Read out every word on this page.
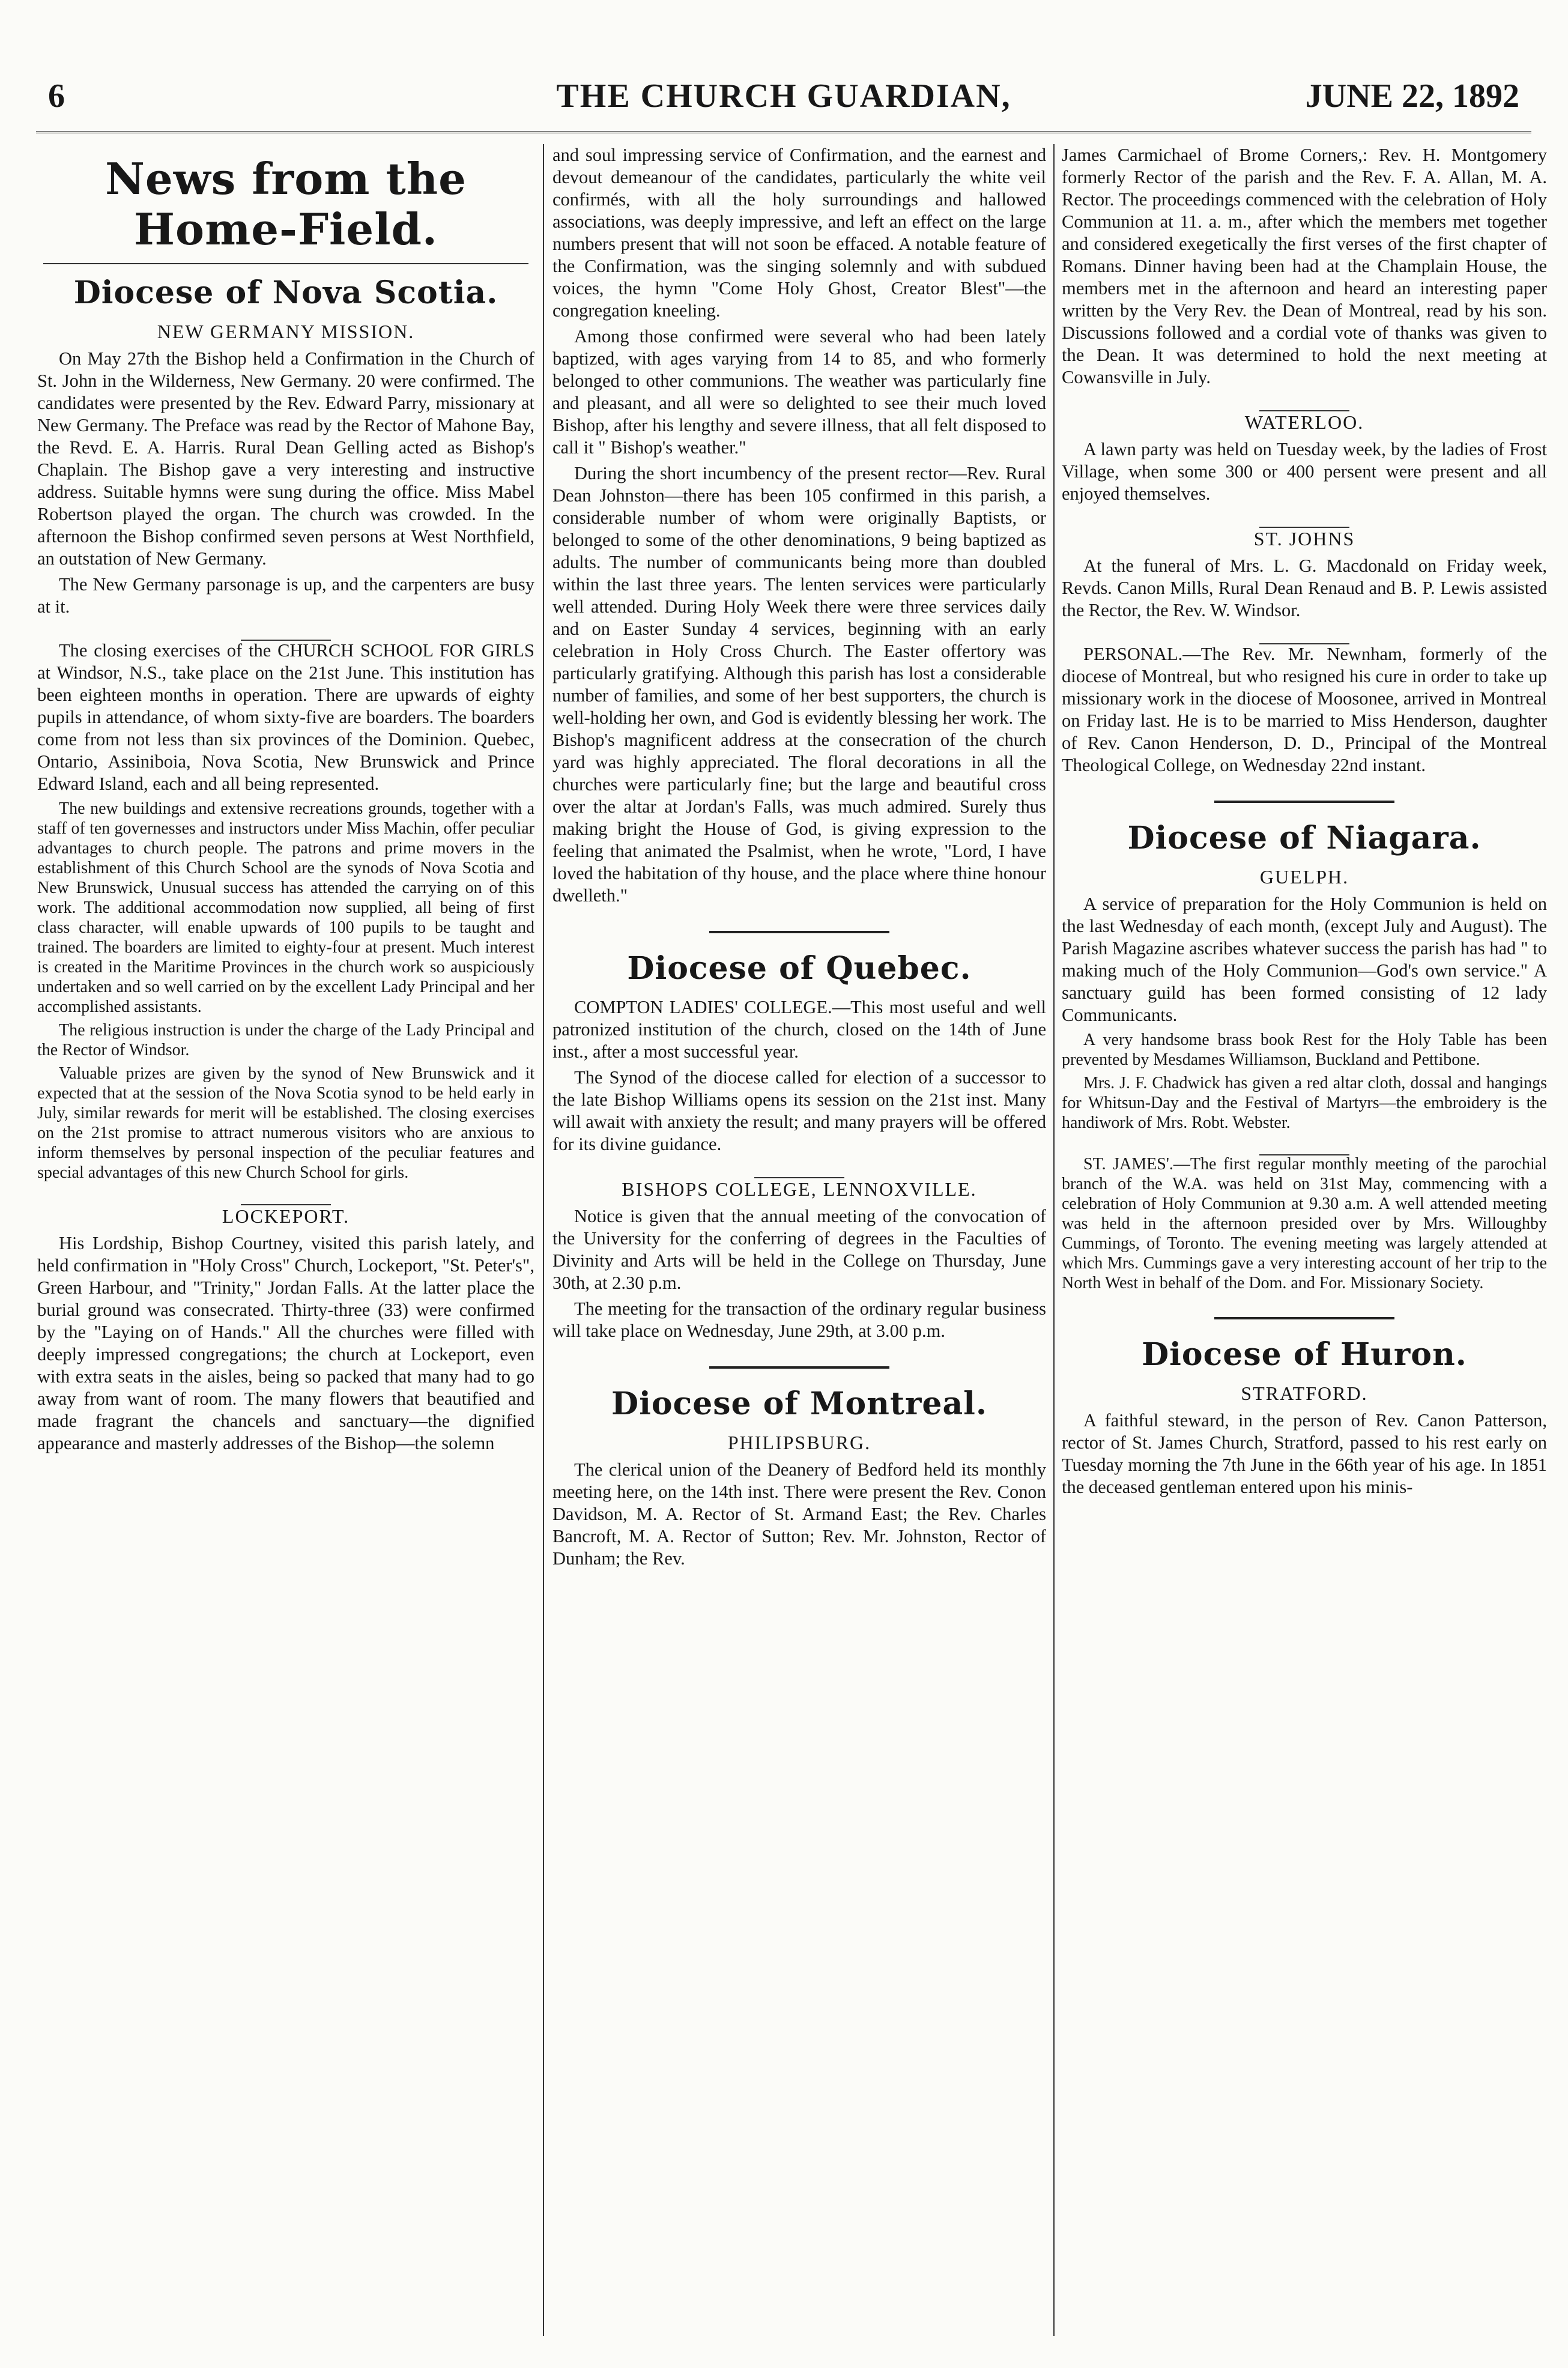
6	THE CHURCH GUARDIAN,	JUNE 22, 1892
News from the Home-Field.
Diocese of Nova Scotia.
NEW GERMANY MISSION.

On May 27th the Bishop held a Confirmation in the Church of St. John in the Wilderness, New Germany. 20 were confirmed. The candidates were presented by the Rev. Edward Parry, missionary at New Germany. The Preface was read by the Rector of Mahone Bay, the Revd. E. A. Harris. Rural Dean Gelling acted as Bishop's Chaplain. The Bishop gave a very interesting and instructive address. Suitable hymns were sung during the office. Miss Mabel Robertson played the organ. The church was crowded. In the afternoon the Bishop confirmed seven persons at West Northfield, an outstation of New Germany.

The New Germany parsonage is up, and the carpenters are busy at it.

The closing exercises of the CHURCH SCHOOL FOR GIRLS at Windsor, N.S., take place on the 21st June. This institution has been eighteen months in operation. There are upwards of eighty pupils in attendance, of whom sixty-five are boarders. The boarders come from not less than six provinces of the Dominion. Quebec, Ontario, Assiniboia, Nova Scotia, New Brunswick and Prince Edward Island, each and all being represented.

The new buildings and extensive recreations grounds, together with a staff of ten governesses and instructors under Miss Machin, offer peculiar advantages to church people. The patrons and prime movers in the establishment of this Church School are the synods of Nova Scotia and New Brunswick, Unusual success has attended the carrying on of this work. The additional accommodation now supplied, all being of first class character, will enable upwards of 100 pupils to be taught and trained. The boarders are limited to eighty-four at present. Much interest is created in the Maritime Provinces in the church work so auspiciously undertaken and so well carried on by the excellent Lady Principal and her accomplished assistants.

The religious instruction is under the charge of the Lady Principal and the Rector of Windsor.

Valuable prizes are given by the synod of New Brunswick and it expected that at the session of the Nova Scotia synod to be held early in July, similar rewards for merit will be established. The closing exercises on the 21st promise to attract numerous visitors who are anxious to inform themselves by personal inspection of the peculiar features and special advantages of this new Church School for girls.

LOCKEPORT.

His Lordship, Bishop Courtney, visited this parish lately, and held confirmation in "Holy Cross" Church, Lockeport, "St. Peter's", Green Harbour, and "Trinity," Jordan Falls. At the latter place the burial ground was consecrated. Thirty-three (33) were confirmed by the "Laying on of Hands." All the churches were filled with deeply impressed congregations; the church at Lockeport, even with extra seats in the aisles, being so packed that many had to go away from want of room. The many flowers that beautified and made fragrant the chancels and sanctuary—the dignified appearance and masterly addresses of the Bishop—the solemn

and soul impressing service of Confirmation, and the earnest and devout demeanour of the candidates, particularly the white veil confirmés, with all the holy surroundings and hallowed associations, was deeply impressive, and left an effect on the large numbers present that will not soon be effaced. A notable feature of the Confirmation, was the singing solemnly and with subdued voices, the hymn "Come Holy Ghost, Creator Blest"—the congregation kneeling.

Among those confirmed were several who had been lately baptized, with ages varying from 14 to 85, and who formerly belonged to other communions. The weather was particularly fine and pleasant, and all were so delighted to see their much loved Bishop, after his lengthy and severe illness, that all felt disposed to call it " Bishop's weather."

During the short incumbency of the present rector—Rev. Rural Dean Johnston—there has been 105 confirmed in this parish, a considerable number of whom were originally Baptists, or belonged to some of the other denominations, 9 being baptized as adults. The number of communicants being more than doubled within the last three years. The lenten services were particularly well attended. During Holy Week there were three services daily and on Easter Sunday 4 services, beginning with an early celebration in Holy Cross Church. The Easter offertory was particularly gratifying. Although this parish has lost a considerable number of families, and some of her best supporters, the church is well-holding her own, and God is evidently blessing her work. The Bishop's magnificent address at the consecration of the church yard was highly appreciated. The floral decorations in all the churches were particularly fine; but the large and beautiful cross over the altar at Jordan's Falls, was much admired. Surely thus making bright the House of God, is giving expression to the feeling that animated the Psalmist, when he wrote, "Lord, I have loved the habitation of thy house, and the place where thine honour dwelleth."

Diocese of Quebec.

COMPTON LADIES' COLLEGE.—This most useful and well patronized institution of the church, closed on the 14th of June inst., after a most successful year.

The Synod of the diocese called for election of a successor to the late Bishop Williams opens its session on the 21st inst. Many will await with anxiety the result; and many prayers will be offered for its divine guidance.

BISHOPS COLLEGE, LENNOXVILLE.

Notice is given that the annual meeting of the convocation of the University for the conferring of degrees in the Faculties of Divinity and Arts will be held in the College on Thursday, June 30th, at 2.30 p.m.

The meeting for the transaction of the ordinary regular business will take place on Wednesday, June 29th, at 3.00 p.m.

Diocese of Montreal.
PHILIPSBURG.

The clerical union of the Deanery of Bedford held its monthly meeting here, on the 14th inst. There were present the Rev. Conon Davidson, M. A. Rector of St. Armand East; the Rev. Charles Bancroft, M. A. Rector of Sutton; Rev. Mr. Johnston, Rector of Dunham; the Rev.

James Carmichael of Brome Corners,: Rev. H. Montgomery formerly Rector of the parish and the Rev. F. A. Allan, M. A. Rector. The proceedings commenced with the celebration of Holy Communion at 11. a. m., after which the members met together and considered exegetically the first verses of the first chapter of Romans. Dinner having been had at the Champlain House, the members met in the afternoon and heard an interesting paper written by the Very Rev. the Dean of Montreal, read by his son. Discussions followed and a cordial vote of thanks was given to the Dean. It was determined to hold the next meeting at Cowansville in July.

WATERLOO.

A lawn party was held on Tuesday week, by the ladies of Frost Village, when some 300 or 400 persent were present and all enjoyed themselves.

ST. JOHNS

At the funeral of Mrs. L. G. Macdonald on Friday week, Revds. Canon Mills, Rural Dean Renaud and B. P. Lewis assisted the Rector, the Rev. W. Windsor.

PERSONAL.—The Rev. Mr. Newnham, formerly of the diocese of Montreal, but who resigned his cure in order to take up missionary work in the diocese of Moosonee, arrived in Montreal on Friday last. He is to be married to Miss Henderson, daughter of Rev. Canon Henderson, D. D., Principal of the Montreal Theological College, on Wednesday 22nd instant.

Diocese of Niagara.
GUELPH.

A service of preparation for the Holy Communion is held on the last Wednesday of each month, (except July and August). The Parish Magazine ascribes whatever success the parish has had " to making much of the Holy Communion—God's own service." A sanctuary guild has been formed consisting of 12 lady Communicants.

A very handsome brass book Rest for the Holy Table has been prevented by Mesdames Williamson, Buckland and Pettibone.

Mrs. J. F. Chadwick has given a red altar cloth, dossal and hangings for Whitsun-Day and the Festival of Martyrs—the embroidery is the handiwork of Mrs. Robt. Webster.

ST. JAMES'.—The first regular monthly meeting of the parochial branch of the W.A. was held on 31st May, commencing with a celebration of Holy Communion at 9.30 a.m. A well attended meeting was held in the afternoon presided over by Mrs. Willoughby Cummings, of Toronto. The evening meeting was largely attended at which Mrs. Cummings gave a very interesting account of her trip to the North West in behalf of the Dom. and For. Missionary Society.

Diocese of Huron.
STRATFORD.

A faithful steward, in the person of Rev. Canon Patterson, rector of St. James Church, Stratford, passed to his rest early on Tuesday morning the 7th June in the 66th year of his age. In 1851 the deceased gentleman entered upon his minis-
